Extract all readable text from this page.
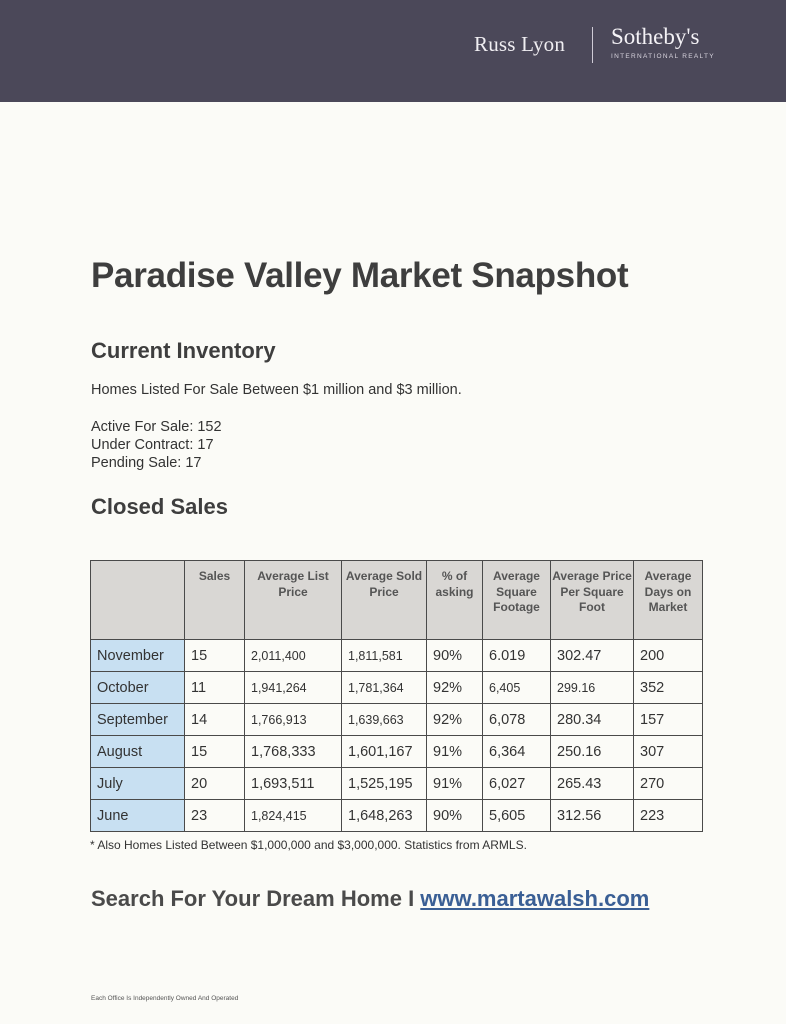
Russ Lyon Sotheby's
INTERNATIONAL REALTY
Paradise Valley Market Snapshot
Current Inventory
Homes Listed For Sale Between $1 million and $3 million.
Active For Sale: 152
Under Contract: 17
Pending Sale: 17
Closed Sales
	Sales	Average List Price	Average Sold Price	% of asking	Average Square Footage	Average Price Per Square Foot	Average Days on Market
November	15	2,011,400	1,811,581	90%	6.019	302.47	200
October	11	1,941,264	1,781,364	92%	6,405	299.16	352
September	14	1,766,913	1,639,663	92%	6,078	280.34	157
August	15	1,768,333	1,601,167	91%	6,364	250.16	307
July	20	1,693,511	1,525,195	91%	6,027	265.43	270
June	23	1,824,415	1,648,263	90%	5,605	312.56	223
* Also Homes Listed Between $1,000,000 and $3,000,000. Statistics from ARMLS.
Search For Your Dream Home I www.martawalsh.com
Each Office Is Independently Owned And Operated
